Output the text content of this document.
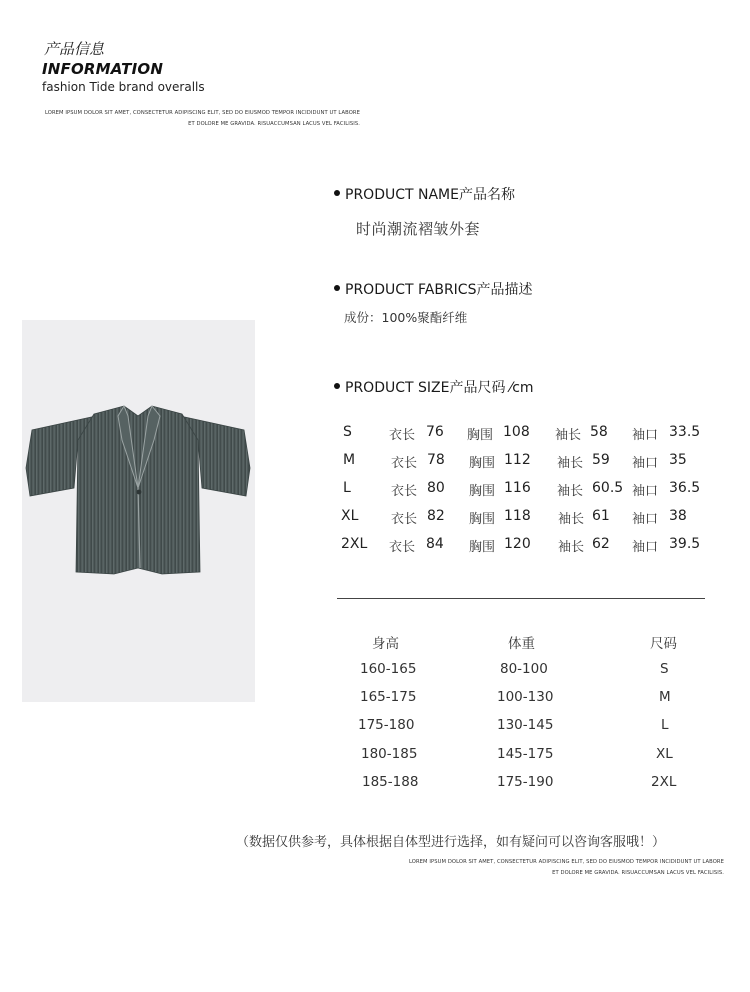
产品信息
INFORMATION
fashion Tide brand overalls
LOREM IPSUM DOLOR SIT AMET, CONSECTETUR ADIPISCING ELIT, SED DO EIUSMOD TEMPOR INCIDIDUNT UT LABORE
ET DOLORE ME GRAVIDA. RISUACCUMSAN LACUS VEL FACILISIS.
PRODUCT NAME产品名称
时尚潮流褶皱外套
PRODUCT FABRICS产品描述
成份：100%聚酯纤维
PRODUCT SIZE产品尺码 ⁄cm
S	衣长 76 胸围 108 袖长 58 袖口 33.5
M	衣长 78 胸围 112 袖长 59 袖口 35
L	衣长 80 胸围 116 袖长 60.5 袖口 36.5
XL	衣长 82 胸围 118 袖长 61 袖口 38
2XL 衣长 84 胸围 120 袖长 62 袖口 39.5
身高	体重	尺码
160-165	80-100	S
165-175	100-130	M
175-180	130-145	L
180-185	145-175	XL
185-188	175-190	2XL
（数据仅供参考，具体根据自体型进行选择，如有疑问可以咨询客服哦！）
LOREM IPSUM DOLOR SIT AMET, CONSECTETUR ADIPISCING ELIT, SED DO EIUSMOD TEMPOR INCIDIDUNT UT LABORE
ET DOLORE ME GRAVIDA. RISUACCUMSAN LACUS VEL FACILISIS.
